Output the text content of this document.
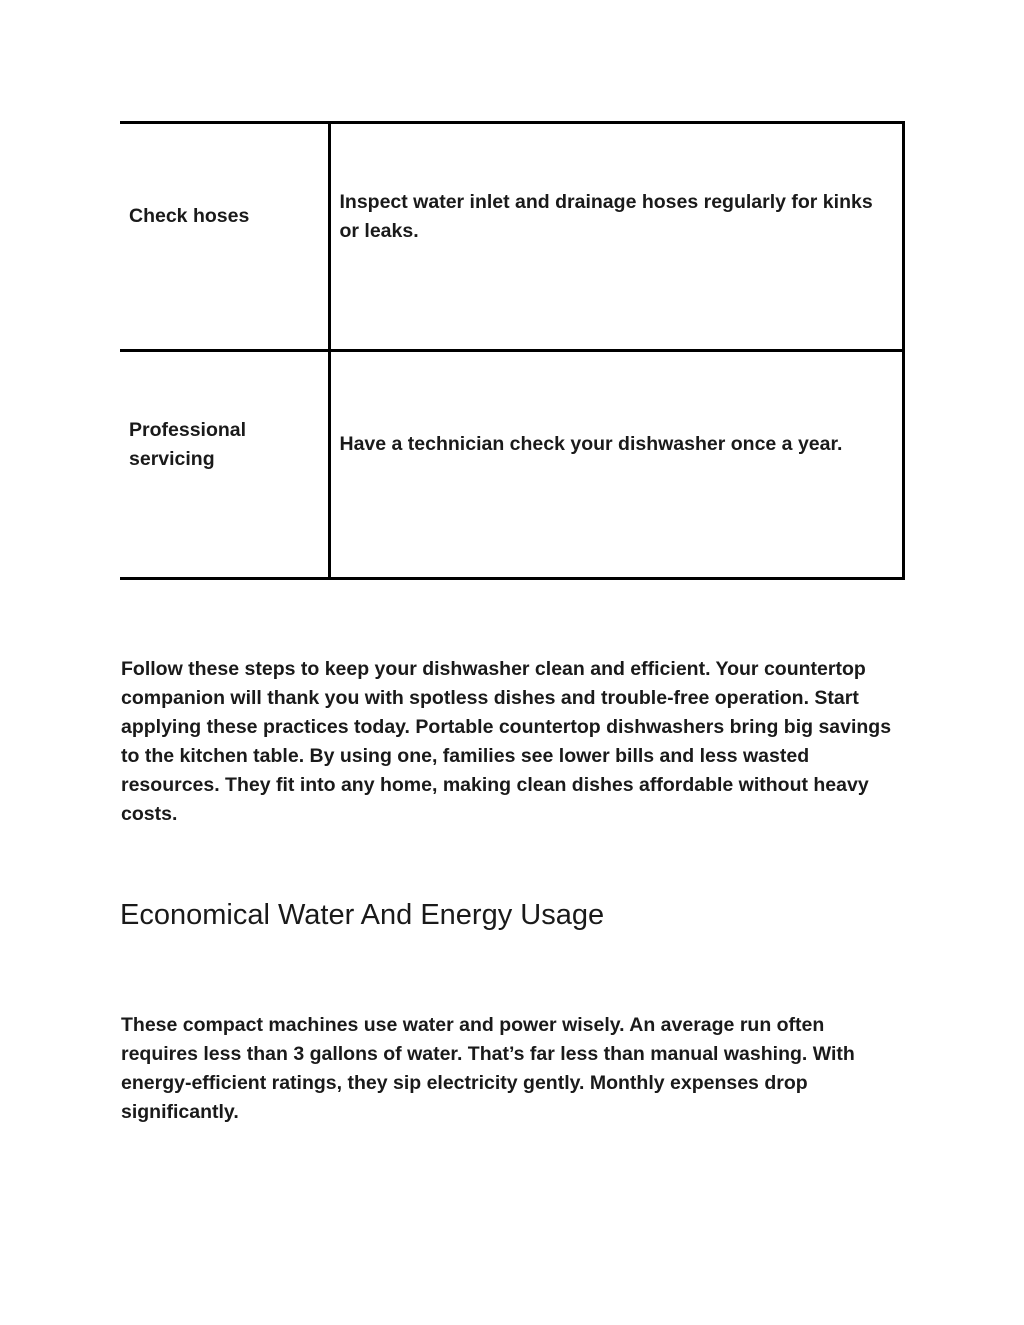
Check hoses	Inspect water inlet and drainage hoses regularly for kinks or leaks.

Professional servicing	Have a technician check your dishwasher once a year.

Follow these steps to keep your dishwasher clean and efficient. Your countertop companion will thank you with spotless dishes and trouble-free operation. Start applying these practices today. Portable countertop dishwashers bring big savings to the kitchen table. By using one, families see lower bills and less wasted resources. They fit into any home, making clean dishes affordable without heavy costs.

Economical Water And Energy Usage

These compact machines use water and power wisely. An average run often requires less than 3 gallons of water. That’s far less than manual washing. With energy-efficient ratings, they sip electricity gently. Monthly expenses drop significantly.
